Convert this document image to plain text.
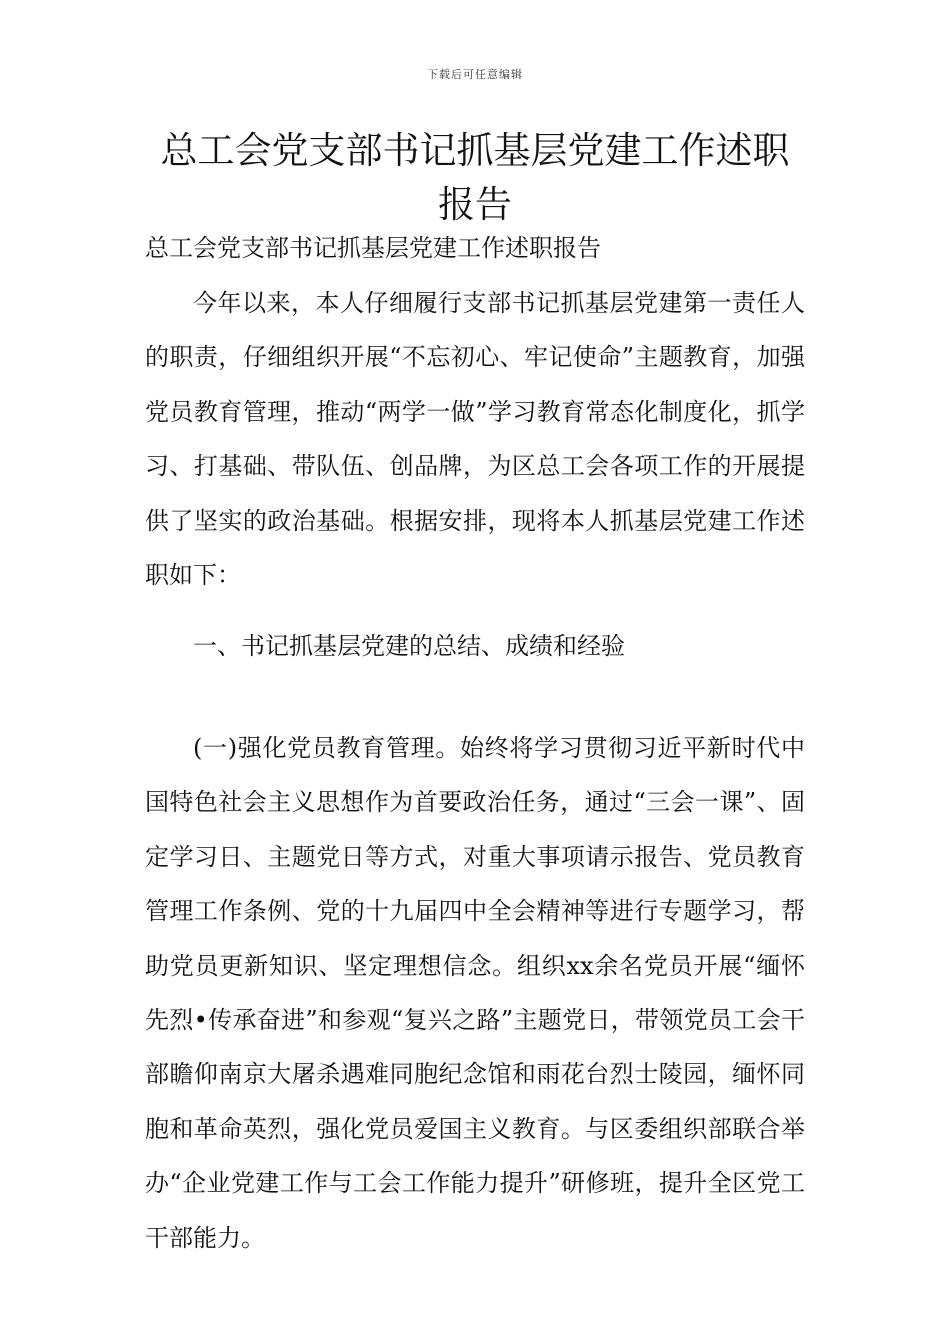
下载后可任意编辑
总工会党支部书记抓基层党建工作述职报告

总工会党支部书记抓基层党建工作述职报告

今年以来，本人仔细履行支部书记抓基层党建第一责任人的职责，仔细组织开展“不忘初心、牢记使命”主题教育，加强党员教育管理，推动“两学一做”学习教育常态化制度化，抓学习、打基础、带队伍、创品牌，为区总工会各项工作的开展提供了坚实的政治基础。根据安排，现将本人抓基层党建工作述职如下：

一、书记抓基层党建的总结、成绩和经验

(一)强化党员教育管理。始终将学习贯彻习近平新时代中国特色社会主义思想作为首要政治任务，通过“三会一课”、固定学习日、主题党日等方式，对重大事项请示报告、党员教育管理工作条例、党的十九届四中全会精神等进行专题学习，帮助党员更新知识、坚定理想信念。组织xx余名党员开展“缅怀先烈•传承奋进”和参观“复兴之路”主题党日，带领党员工会干部瞻仰南京大屠杀遇难同胞纪念馆和雨花台烈士陵园，缅怀同胞和革命英烈，强化党员爱国主义教育。与区委组织部联合举办“企业党建工作与工会工作能力提升”研修班，提升全区党工干部能力。
